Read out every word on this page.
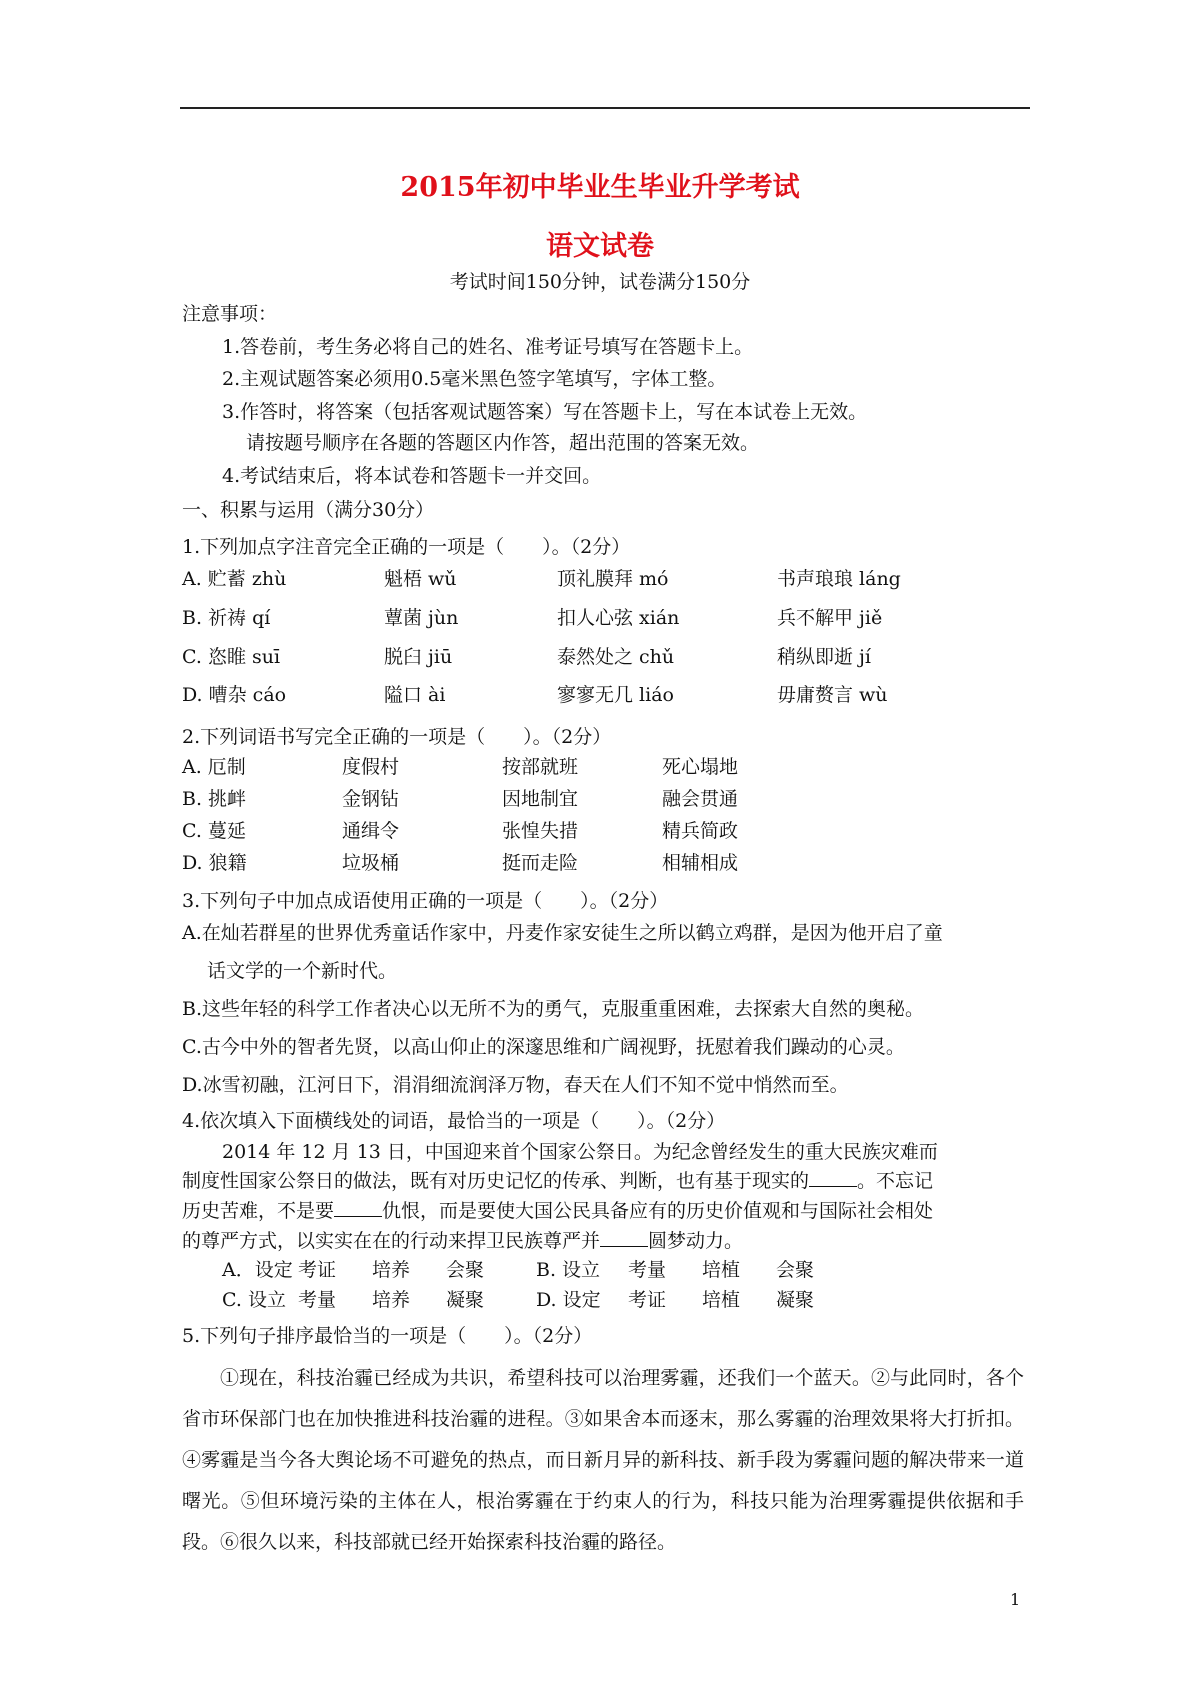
2015年初中毕业生毕业升学考试
语文试卷
考试时间150分钟，试卷满分150分
注意事项：
1.答卷前，考生务必将自己的姓名、准考证号填写在答题卡上。
2.主观试题答案必须用0.5毫米黑色签字笔填写，字体工整。
3.作答时，将答案（包括客观试题答案）写在答题卡上，写在本试卷上无效。
请按题号顺序在各题的答题区内作答，超出范围的答案无效。
4.考试结束后，将本试卷和答题卡一并交回。
一、积累与运用（满分30分）
1.下列加点字注音完全正确的一项是（　　）。（2分）
A. 贮蓄 zhù	魁梧 wǔ	顶礼膜拜 mó	书声琅琅 láng
B. 祈祷 qí	蕈菌 jùn	扣人心弦 xián	兵不解甲 jiě
C. 恣睢 suī	脱臼 jiū	泰然处之 chǔ	稍纵即逝 jí
D. 嘈杂 cáo	隘口 ài	寥寥无几 liáo	毋庸赘言 wù
2.下列词语书写完全正确的一项是（　　）。（2分）
A. 厄制	度假村	按部就班	死心塌地
B. 挑衅	金钢钻	因地制宜	融会贯通
C. 蔓延	通缉令	张惶失措	精兵简政
D. 狼籍	垃圾桶	挺而走险	相辅相成
3.下列句子中加点成语使用正确的一项是（　　）。（2分）
A.在灿若群星的世界优秀童话作家中，丹麦作家安徒生之所以鹤立鸡群，是因为他开启了童
话文学的一个新时代。
B.这些年轻的科学工作者决心以无所不为的勇气，克服重重困难，去探索大自然的奥秘。
C.古今中外的智者先贤，以高山仰止的深邃思维和广阔视野，抚慰着我们躁动的心灵。
D.冰雪初融，江河日下，涓涓细流润泽万物，春天在人们不知不觉中悄然而至。
4.依次填入下面横线处的词语，最恰当的一项是（　　）。（2分）
2014 年 12 月 13 日，中国迎来首个国家公祭日。为纪念曾经发生的重大民族灾难而
制度性国家公祭日的做法，既有对历史记忆的传承、判断，也有基于现实的	。不忘记
历史苦难，不是要	仇恨，而是要使大国公民具备应有的历史价值观和与国际社会相处
的尊严方式，以实实在在的行动来捍卫民族尊严并	圆梦动力。
A．设定 考证	培养	会聚	B. 设立	考量	培植	会聚
C. 设立 考量	培养	凝聚	D. 设定	考证	培植	凝聚
5.下列句子排序最恰当的一项是（　　）。（2分）
①现在，科技治霾已经成为共识，希望科技可以治理雾霾，还我们一个蓝天。②与此同时，各个省市环保部门也在加快推进科技治霾的进程。③如果舍本而逐末，那么雾霾的治理效果将大打折扣。④雾霾是当今各大舆论场不可避免的热点，而日新月异的新科技、新手段为雾霾问题的解决带来一道曙光。⑤但环境污染的主体在人，根治雾霾在于约束人的行为，科技只能为治理雾霾提供依据和手段。⑥很久以来，科技部就已经开始探索科技治霾的路径。
1
